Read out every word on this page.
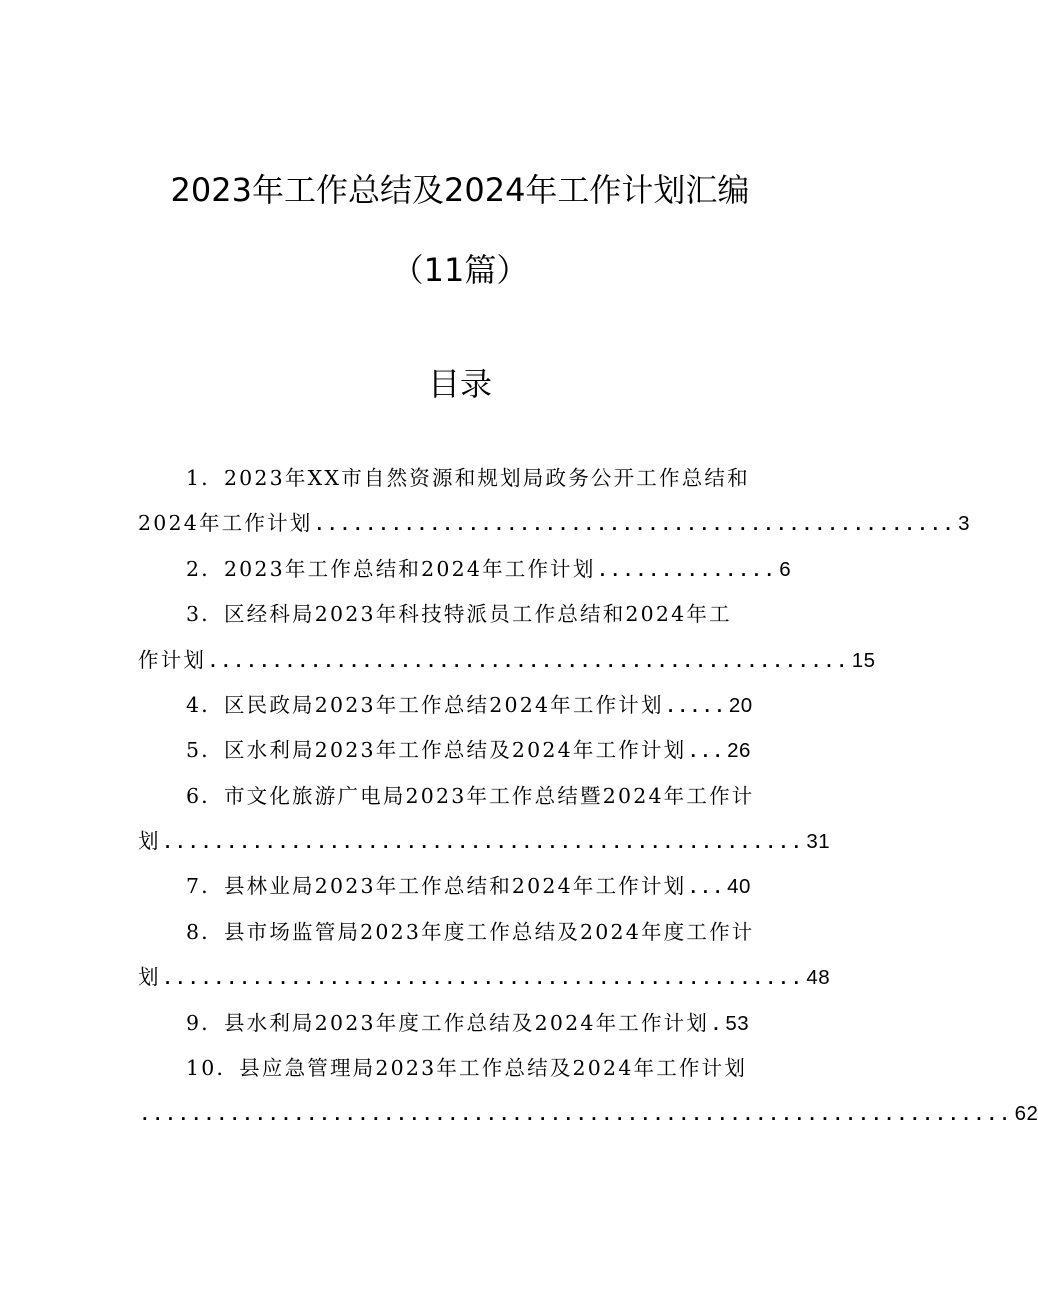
2023年工作总结及2024年工作计划汇编
（11篇）
目录
1．2023年XX市自然资源和规划局政务公开工作总结和
2024年工作计划 .................................................. 3
2．2023年工作总结和2024年工作计划 .............. 6
3．区经科局2023年科技特派员工作总结和2024年工
作计划 .................................................. 15
4．区民政局2023年工作总结2024年工作计划 ..... 20
5．区水利局2023年工作总结及2024年工作计划 ... 26
6．市文化旅游广电局2023年工作总结暨2024年工作计
划 .................................................. 31
7．县林业局2023年工作总结和2024年工作计划 ... 40
8．县市场监管局2023年度工作总结及2024年度工作计
划 .................................................. 48
9．县水利局2023年度工作总结及2024年工作计划 . 53
10．县应急管理局2023年工作总结及2024年工作计划
.................................................................... 62
